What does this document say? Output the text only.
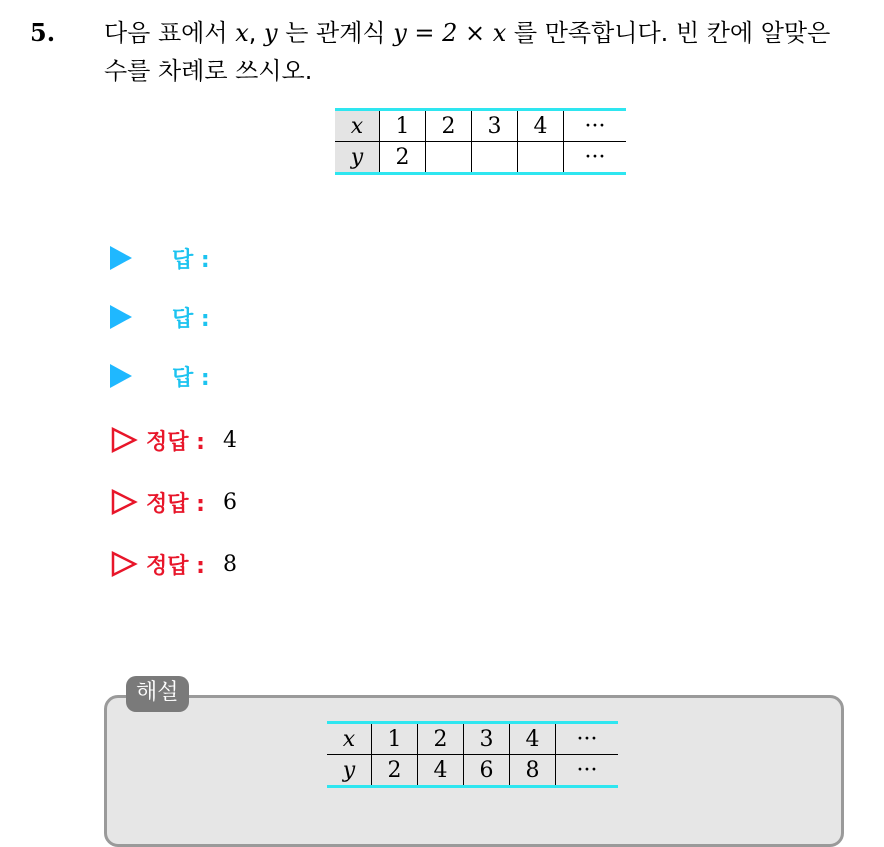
5. 다음 표에서 x, y 는 관계식 y = 2 × x 를 만족합니다. 빈 칸에 알맞은
수를 차례로 쓰시오.
x	1	2	3	4	···
y	2				···
답 :
답 :
답 :
정답 : 4
정답 : 6
정답 : 8
해설
x	1	2	3	4	···
y	2	4	6	8	···
